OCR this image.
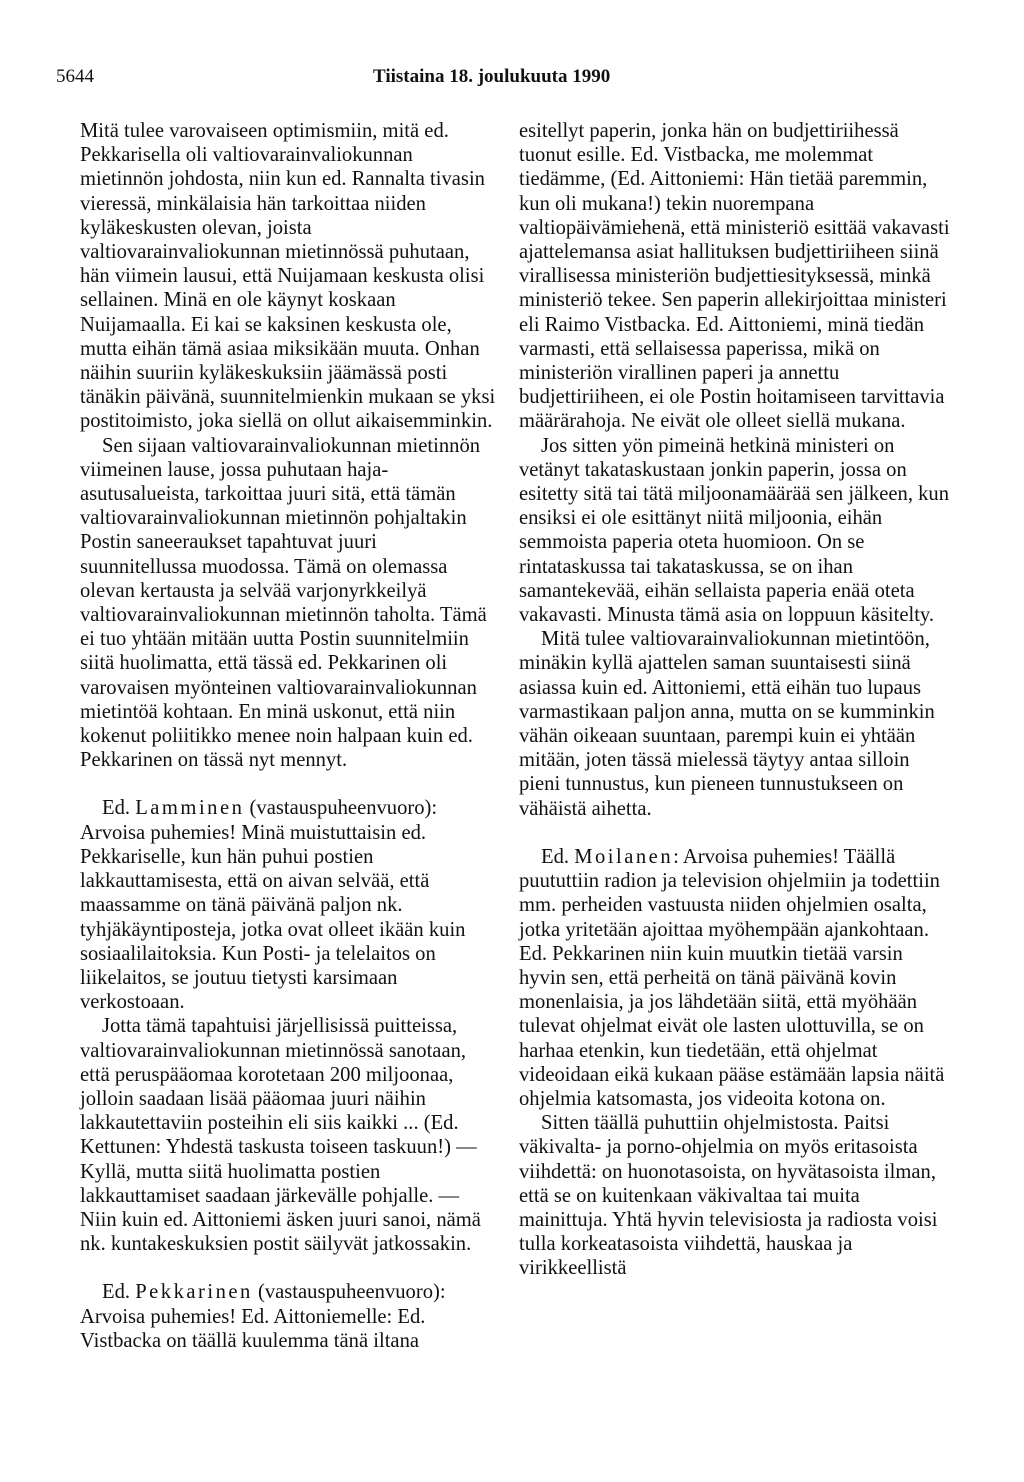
5644	Tiistaina 18. joulukuuta 1990

Mitä tulee varovaiseen optimismiin, mitä ed. Pekkarisella oli valtiovarainvaliokunnan mietinnön johdosta, niin kun ed. Rannalta tivasin vieressä, minkälaisia hän tarkoittaa niiden kyläkeskusten olevan, joista valtiovarainvaliokunnan mietinnössä puhutaan, hän viimein lausui, että Nuijamaan keskusta olisi sellainen. Minä en ole käynyt koskaan Nuijamaalla. Ei kai se kaksinen keskusta ole, mutta eihän tämä asiaa miksikään muuta. Onhan näihin suuriin kyläkeskuksiin jäämässä posti tänäkin päivänä, suunnitelmienkin mukaan se yksi postitoimisto, joka siellä on ollut aikaisemminkin.

Sen sijaan valtiovarainvaliokunnan mietinnön viimeinen lause, jossa puhutaan haja-asutusalueista, tarkoittaa juuri sitä, että tämän valtiovarainvaliokunnan mietinnön pohjaltakin Postin saneeraukset tapahtuvat juuri suunnitellussa muodossa. Tämä on olemassa olevan kertausta ja selvää varjonyrkkeilyä valtiovarainvaliokunnan mietinnön taholta. Tämä ei tuo yhtään mitään uutta Postin suunnitelmiin siitä huolimatta, että tässä ed. Pekkarinen oli varovaisen myönteinen valtiovarainvaliokunnan mietintöä kohtaan. En minä uskonut, että niin kokenut poliitikko menee noin halpaan kuin ed. Pekkarinen on tässä nyt mennyt.

Ed. Lamminen (vastauspuheenvuoro): Arvoisa puhemies! Minä muistuttaisin ed. Pekkariselle, kun hän puhui postien lakkauttamisesta, että on aivan selvää, että maassamme on tänä päivänä paljon nk. tyhjäkäyntiposteja, jotka ovat olleet ikään kuin sosiaalilaitoksia. Kun Posti- ja telelaitos on liikelaitos, se joutuu tietysti karsimaan verkostoaan.

Jotta tämä tapahtuisi järjellisissä puitteissa, valtiovarainvaliokunnan mietinnössä sanotaan, että peruspääomaa korotetaan 200 miljoonaa, jolloin saadaan lisää pääomaa juuri näihin lakkautettaviin posteihin eli siis kaikki ... (Ed. Kettunen: Yhdestä taskusta toiseen taskuun!) — Kyllä, mutta siitä huolimatta postien lakkauttamiset saadaan järkevälle pohjalle. — Niin kuin ed. Aittoniemi äsken juuri sanoi, nämä nk. kuntakeskuksien postit säilyvät jatkossakin.

Ed. Pekkarinen (vastauspuheenvuoro): Arvoisa puhemies! Ed. Aittoniemelle: Ed. Vistbacka on täällä kuulemma tänä iltana

esitellyt paperin, jonka hän on budjettiriihessä tuonut esille. Ed. Vistbacka, me molemmat tiedämme, (Ed. Aittoniemi: Hän tietää paremmin, kun oli mukana!) tekin nuorempana valtiopäivämiehenä, että ministeriö esittää vakavasti ajattelemansa asiat hallituksen budjettiriiheen siinä virallisessa ministeriön budjettiesityksessä, minkä ministeriö tekee. Sen paperin allekirjoittaa ministeri eli Raimo Vistbacka. Ed. Aittoniemi, minä tiedän varmasti, että sellaisessa paperissa, mikä on ministeriön virallinen paperi ja annettu budjettiriiheen, ei ole Postin hoitamiseen tarvittavia määrärahoja. Ne eivät ole olleet siellä mukana.

Jos sitten yön pimeinä hetkinä ministeri on vetänyt takataskustaan jonkin paperin, jossa on esitetty sitä tai tätä miljoonamäärää sen jälkeen, kun ensiksi ei ole esittänyt niitä miljoonia, eihän semmoista paperia oteta huomioon. On se rintataskussa tai takataskussa, se on ihan samantekevää, eihän sellaista paperia enää oteta vakavasti. Minusta tämä asia on loppuun käsitelty.

Mitä tulee valtiovarainvaliokunnan mietintöön, minäkin kyllä ajattelen saman suuntaisesti siinä asiassa kuin ed. Aittoniemi, että eihän tuo lupaus varmastikaan paljon anna, mutta on se kumminkin vähän oikeaan suuntaan, parempi kuin ei yhtään mitään, joten tässä mielessä täytyy antaa silloin pieni tunnustus, kun pieneen tunnustukseen on vähäistä aihetta.

Ed. Moilanen: Arvoisa puhemies! Täällä puututtiin radion ja television ohjelmiin ja todettiin mm. perheiden vastuusta niiden ohjelmien osalta, jotka yritetään ajoittaa myöhempään ajankohtaan. Ed. Pekkarinen niin kuin muutkin tietää varsin hyvin sen, että perheitä on tänä päivänä kovin monenlaisia, ja jos lähdetään siitä, että myöhään tulevat ohjelmat eivät ole lasten ulottuvilla, se on harhaa etenkin, kun tiedetään, että ohjelmat videoidaan eikä kukaan pääse estämään lapsia näitä ohjelmia katsomasta, jos videoita kotona on.

Sitten täällä puhuttiin ohjelmistosta. Paitsi väkivalta- ja porno-ohjelmia on myös eritasoista viihdettä: on huonotasoista, on hyvätasoista ilman, että se on kuitenkaan väkivaltaa tai muita mainittuja. Yhtä hyvin televisiosta ja radiosta voisi tulla korkeatasoista viihdettä, hauskaa ja virikkeellistä
